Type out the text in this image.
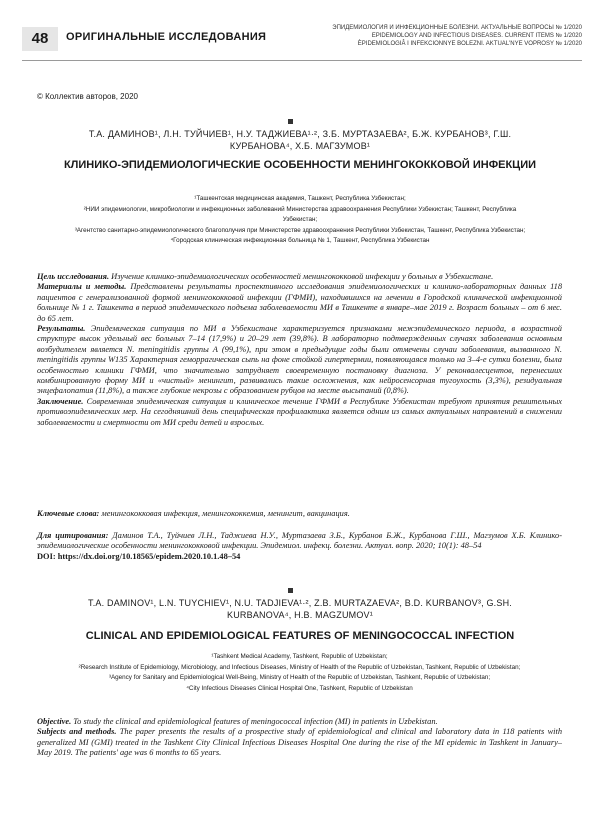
48	ОРИГИНАЛЬНЫЕ ИССЛЕДОВАНИЯ
ЭПИДЕМИОЛОГИЯ И ИНФЕКЦИОННЫЕ БОЛЕЗНИ. АКТУАЛЬНЫЕ ВОПРОСЫ № 1/2020
EPIDEMIOLOGY AND INFECTIOUS DISEASES. CURRENT ITEMS № 1/2020
ÈPIDEMIOLOGIÂ I INFEKCIONNYE BOLEZNI. AKTUAL'NYE VOPROSY № 1/2020
© Коллектив авторов, 2020
Т.А. ДАМИНОВ¹, Л.Н. ТУЙЧИЕВ¹, Н.У. ТАДЖИЕВА¹·², З.Б. МУРТАЗАЕВА², Б.Ж. КУРБАНОВ³, Г.Ш. КУРБАНОВА⁴, Х.Б. МАГЗУМОВ¹
КЛИНИКО-ЭПИДЕМИОЛОГИЧЕСКИЕ ОСОБЕННОСТИ МЕНИНГОКОККОВОЙ ИНФЕКЦИИ
¹Ташкентская медицинская академия, Ташкент, Республика Узбекистан;
²НИИ эпидемиологии, микробиологии и инфекционных заболеваний Министерства здравоохранения Республики Узбекистан; Ташкент, Республика Узбекистан;
³Агентство санитарно-эпидемиологического благополучия при Министерстве здравоохранения Республики Узбекистан, Ташкент, Республика Узбекистан;
⁴Городская клиническая инфекционная больница № 1, Ташкент, Республика Узбекистан

Цель исследования. Изучение клинико-эпидемиологических особенностей менингококковой инфекции у больных в Узбекистане.

Материалы и методы. Представлены результаты проспективного исследования эпидемиологических и клинико-лабораторных данных 118 пациентов с генерализованной формой менингококковой инфекции (ГФМИ), находившихся на лечении в Городской клинической инфекционной больнице № 1 г. Ташкента в период эпидемического подъема заболеваемости МИ в Ташкенте в январе–мае 2019 г. Возраст больных – от 6 мес. до 65 лет.

Результаты. Эпидемическая ситуация по МИ в Узбекистане характеризуется признаками межэпидемического периода, в возрастной структуре высок удельный вес больных 7–14 (17,9%) и 20–29 лет (39,8%). В лабораторно подтвержденных случаях заболевания основным возбудителем является N. meningitidis группы А (99,1%), при этом в предыдущие годы были отмечены случаи заболевания, вызванного N. meningitidis группы W135 Характерная геморрагическая сыпь на фоне стойкой гипертермии, появляющаяся только на 3–4-е сутки болезни, была особенностью клиники ГФМИ, что значительно затрудняет своевременную постановку диагноза. У реконвалесцентов, перенесших комбинированную форму МИ и «чистый» менингит, развивались такие осложнения, как нейросенсорная тугоухость (3,3%), резидуальная энцефалопатия (11,8%), а также глубокие некрозы с образованием рубцов на месте высыпаний (0,8%).

Заключение. Современная эпидемическая ситуация и клиническое течение ГФМИ в Республике Узбекистан требуют принятия решительных противоэпидемических мер. На сегодняшний день специфическая профилактика является одним из самых актуальных направлений в снижении заболеваемости и смертности от МИ среди детей и взрослых.

Ключевые слова: менингококковая инфекция, менингококкемия, менингит, вакцинация.
Для цитирования: Даминов Т.А., Туйчиев Л.Н., Таджиева Н.У., Муртазаева З.Б., Курбанов Б.Ж., Курбанова Г.Ш., Магзумов Х.Б. Клинико-эпидемиологические особенности менингококковой инфекции. Эпидемиол. инфекц. болезни. Актуал. вопр. 2020; 10(1): 48–54
DOI: https://dx.doi.org/10.18565/epidem.2020.10.1.48–54
T.A. DAMINOV¹, L.N. TUYCHIEV¹, N.U. TADJIEVA¹·², Z.B. MURTAZAEVA², B.D. KURBANOV³, G.SH. KURBANOVA⁴, H.B. MAGZUMOV¹
CLINICAL AND EPIDEMIOLOGICAL FEATURES OF MENINGOCOCCAL INFECTION
¹Tashkent Medical Academy, Tashkent, Republic of Uzbekistan;
²Research Institute of Epidemiology, Microbiology, and Infectious Diseases, Ministry of Health of the Republic of Uzbekistan, Tashkent, Republic of Uzbekistan;
³Agency for Sanitary and Epidemiological Well-Being, Ministry of Health of the Republic of Uzbekistan, Tashkent, Republic of Uzbekistan;
⁴City Infectious Diseases Clinical Hospital One, Tashkent, Republic of Uzbekistan

Objective. To study the clinical and epidemiological features of meningococcal infection (MI) in patients in Uzbekistan.

Subjects and methods. The paper presents the results of a prospective study of epidemiological and clinical and laboratory data in 118 patients with generalized MI (GMI) treated in the Tashkent City Clinical Infectious Diseases Hospital One during the rise of the MI epidemic in Tashkent in January–May 2019. The patients' age was 6 months to 65 years.
